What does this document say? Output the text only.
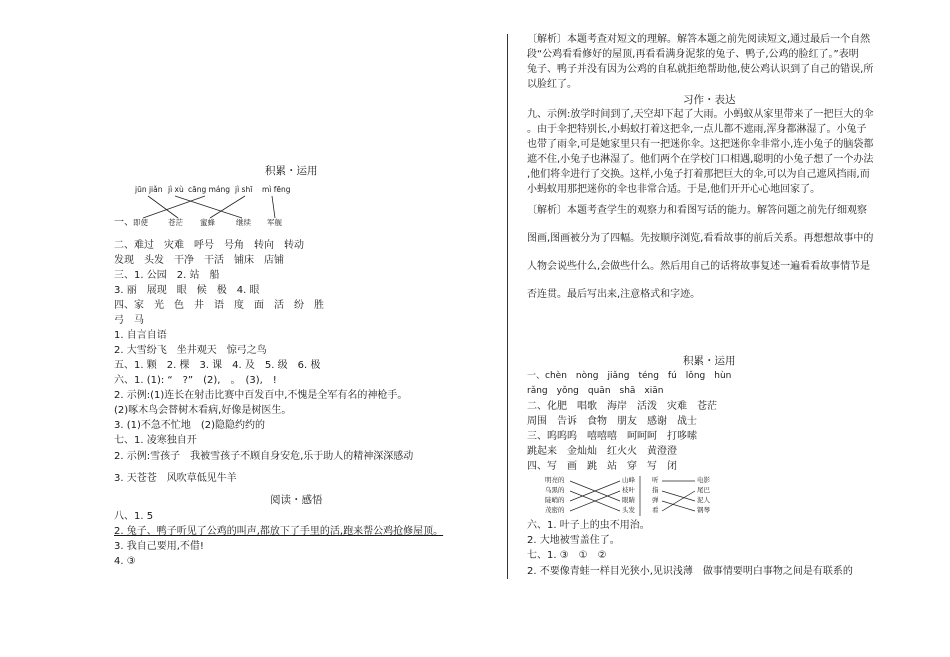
积累・运用
jūn jiǎn jì xù cāng máng jì shī mì fēng
一、 即使	苍茫 蜜蜂	继续 军舰
二、难过　灾难　呼号　号角　转向　转动
发现　头发　干净　干活　铺床　店铺
三、1. 公园　2. 站　船
3. 丽　展现　眼　候　极　4. 眼
四、家　光　色　井　语　度　面　活　纷　胜
弓　马
1. 自言自语
2. 大雪纷飞　坐井观天　惊弓之鸟
五、1. 颗　2. 棵　3. 课　4. 及　5. 级　6. 极
六、1. (1): “　?”　(2),　。　(3),　!
2. 示例:(1)连长在射击比赛中百发百中,不愧是全军有名的神枪手。
(2)啄木鸟会替树木看病,好像是树医生。
3. (1)不急不忙地　(2)隐隐约约的
七、1. 凌寒独自开
2. 示例:雪孩子　我被雪孩子不顾自身安危,乐于助人的精神深深感动
3. 天苍苍　风吹草低见牛羊
阅读・感悟
八、1. 5
2. 兔子、鸭子听见了公鸡的叫声,都放下了手里的活,跑来帮公鸡抢修屋顶。
3. 我自己要用,不借!
4. ③
〔解析〕本题考查对短文的理解。解答本题之前先阅读短文,通过最后一个自然
段“公鸡看看修好的屋顶,再看看满身泥浆的兔子、鸭子,公鸡的脸红了。”表明
兔子、鸭子并没有因为公鸡的自私就拒绝帮助他,使公鸡认识到了自己的错误,所
以脸红了。
习作・表达
九、示例:放学时间到了,天空却下起了大雨。小蚂蚁从家里带来了一把巨大的伞
。由于伞把特别长,小蚂蚁打着这把伞,一点儿都不遮雨,浑身都淋湿了。小兔子
也带了雨伞,可是她家里只有一把迷你伞。这把迷你伞非常小,连小兔子的脑袋都
遮不住,小兔子也淋湿了。他们两个在学校门口相遇,聪明的小兔子想了一个办法
,他们将伞进行了交换。这样,小兔子打着那把巨大的伞,可以为自己遮风挡雨,而
小蚂蚁用那把迷你的伞也非常合适。于是,他们开开心心地回家了。
〔解析〕本题考查学生的观察力和看图写话的能力。解答问题之前先仔细观察
图画,图画被分为了四幅。先按顺序浏览,看看故事的前后关系。再想想故事中的
人物会说些什么,会做些什么。然后用自己的话将故事复述一遍看看故事情节是
否连贯。最后写出来,注意格式和字迹。
积累・运用
一、chèn　nòng　jiǎng　téng　fú　lǒng　hùn
rǎng　yǒng　quān　shā　xiān
二、化肥　唱歌　海岸　活泼　灾难　苍茫
周围　告诉　食物　朋友　感谢　战士
三、呜呜呜　嘻嘻嘻　呵呵呵　打哆嗦
跳起来　金灿灿　红火火　黄澄澄
四、写　画　跳　站　穿　写　闭
明亮的
乌黑的
陡峭的
茂密的
山峰
枝叶
眼睛
头发
听
指
弹
看
电影
尾巴
泥人
钢琴
六、1. 叶子上的虫不用治。
2. 大地被雪盖住了。
七、1. ③　①　②
2. 不要像青蛙一样目光狭小,见识浅薄　做事情要明白事物之间是有联系的
